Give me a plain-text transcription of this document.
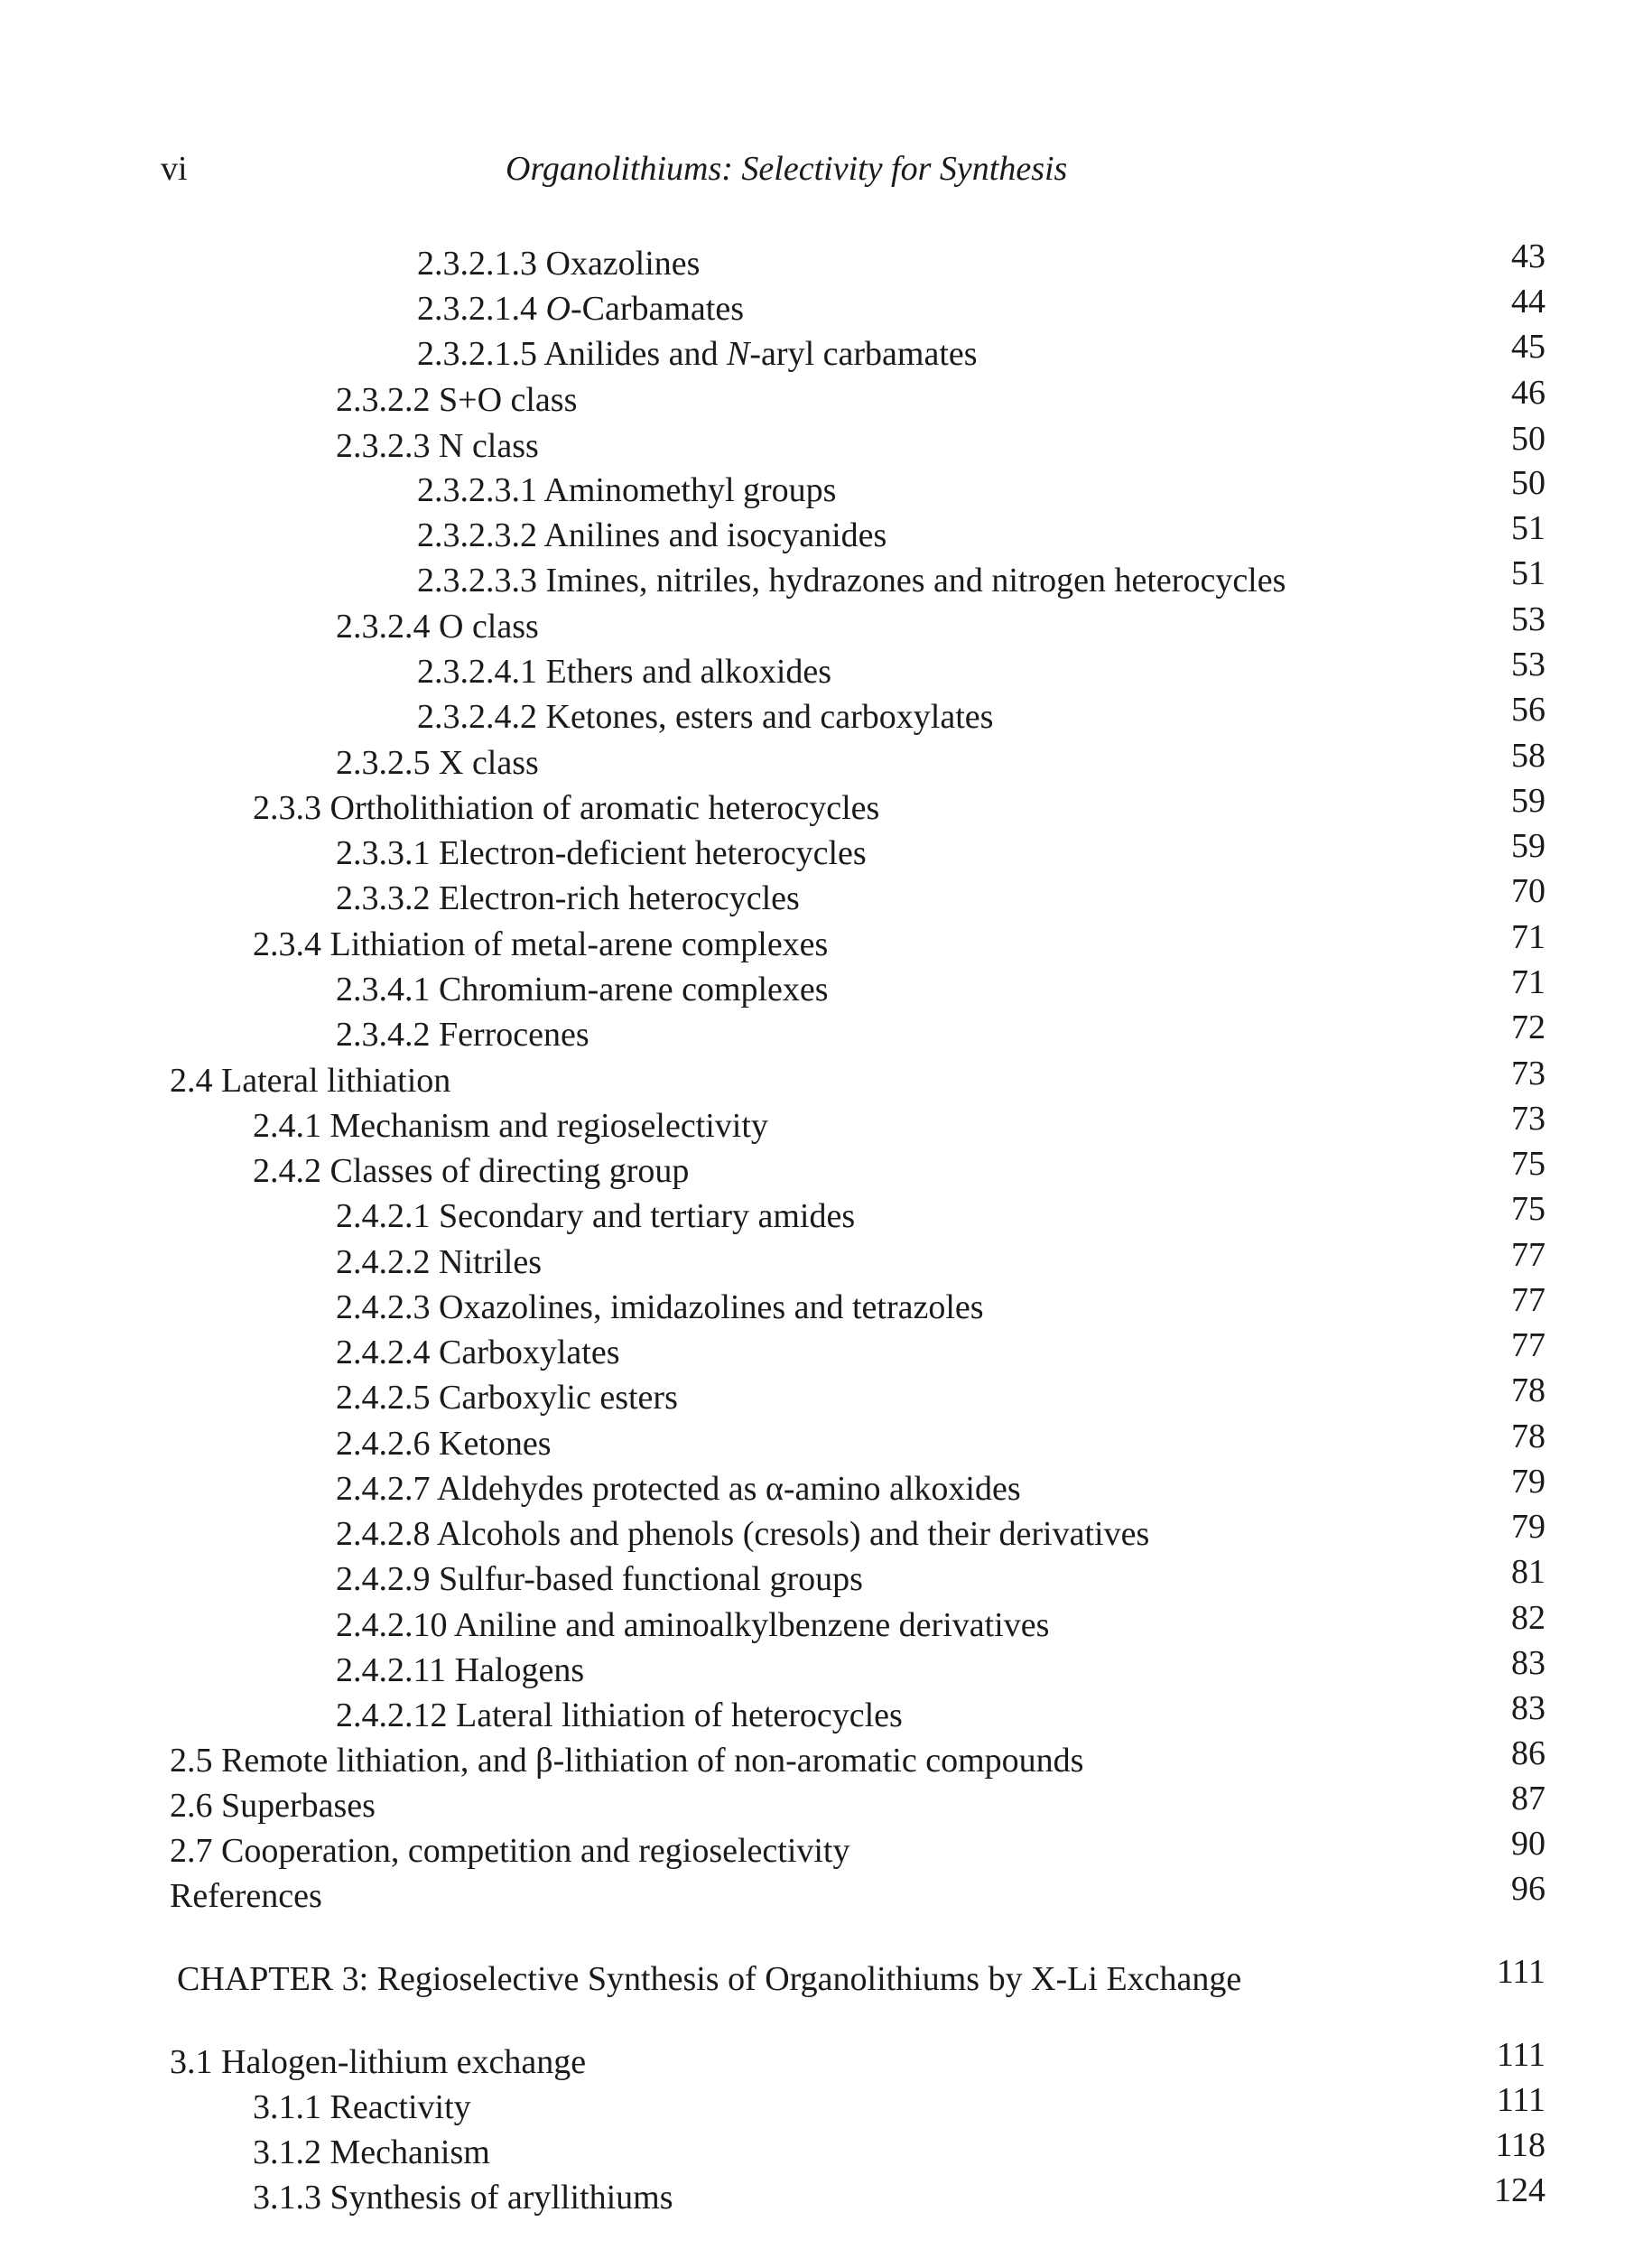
vi	Organolithiums: Selectivity for Synthesis
2.3.2.1.3 Oxazolines	43
2.3.2.1.4 O-Carbamates	44
2.3.2.1.5 Anilides and N-aryl carbamates	45
2.3.2.2 S+O class	46
2.3.2.3 N class	50
2.3.2.3.1 Aminomethyl groups	50
2.3.2.3.2 Anilines and isocyanides	51
2.3.2.3.3 Imines, nitriles, hydrazones and nitrogen heterocycles	51
2.3.2.4 O class	53
2.3.2.4.1 Ethers and alkoxides	53
2.3.2.4.2 Ketones, esters and carboxylates	56
2.3.2.5 X class	58
2.3.3 Ortholithiation of aromatic heterocycles	59
2.3.3.1 Electron-deficient heterocycles	59
2.3.3.2 Electron-rich heterocycles	70
2.3.4 Lithiation of metal-arene complexes	71
2.3.4.1 Chromium-arene complexes	71
2.3.4.2 Ferrocenes	72
2.4 Lateral lithiation	73
2.4.1 Mechanism and regioselectivity	73
2.4.2 Classes of directing group	75
2.4.2.1 Secondary and tertiary amides	75
2.4.2.2 Nitriles	77
2.4.2.3 Oxazolines, imidazolines and tetrazoles	77
2.4.2.4 Carboxylates	77
2.4.2.5 Carboxylic esters	78
2.4.2.6 Ketones	78
2.4.2.7 Aldehydes protected as α-amino alkoxides	79
2.4.2.8 Alcohols and phenols (cresols) and their derivatives	79
2.4.2.9 Sulfur-based functional groups	81
2.4.2.10 Aniline and aminoalkylbenzene derivatives	82
2.4.2.11 Halogens	83
2.4.2.12 Lateral lithiation of heterocycles	83
2.5 Remote lithiation, and β-lithiation of non-aromatic compounds	86
2.6 Superbases	87
2.7 Cooperation, competition and regioselectivity	90
References	96
CHAPTER 3: Regioselective Synthesis of Organolithiums by X-Li Exchange	111
3.1 Halogen-lithium exchange	111
3.1.1 Reactivity	111
3.1.2 Mechanism	118
3.1.3 Synthesis of aryllithiums	124
